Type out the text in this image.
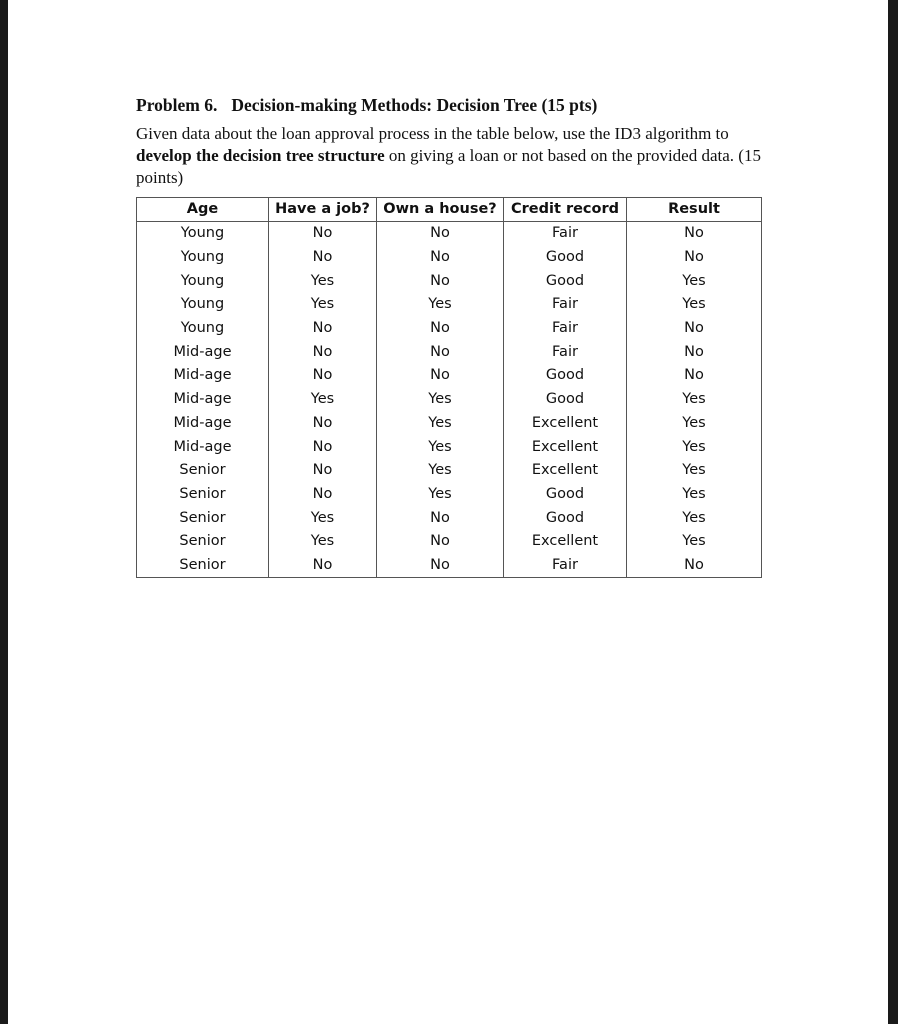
Problem 6. Decision-making Methods: Decision Tree (15 pts)
Given data about the loan approval process in the table below, use the ID3 algorithm to develop the decision tree structure on giving a loan or not based on the provided data. (15 points)
Age	Have a job?	Own a house?	Credit record	Result
Young	No	No	Fair	No
Young	No	No	Good	No
Young	Yes	No	Good	Yes
Young	Yes	Yes	Fair	Yes
Young	No	No	Fair	No
Mid-age	No	No	Fair	No
Mid-age	No	No	Good	No
Mid-age	Yes	Yes	Good	Yes
Mid-age	No	Yes	Excellent	Yes
Mid-age	No	Yes	Excellent	Yes
Senior	No	Yes	Excellent	Yes
Senior	No	Yes	Good	Yes
Senior	Yes	No	Good	Yes
Senior	Yes	No	Excellent	Yes
Senior	No	No	Fair	No
